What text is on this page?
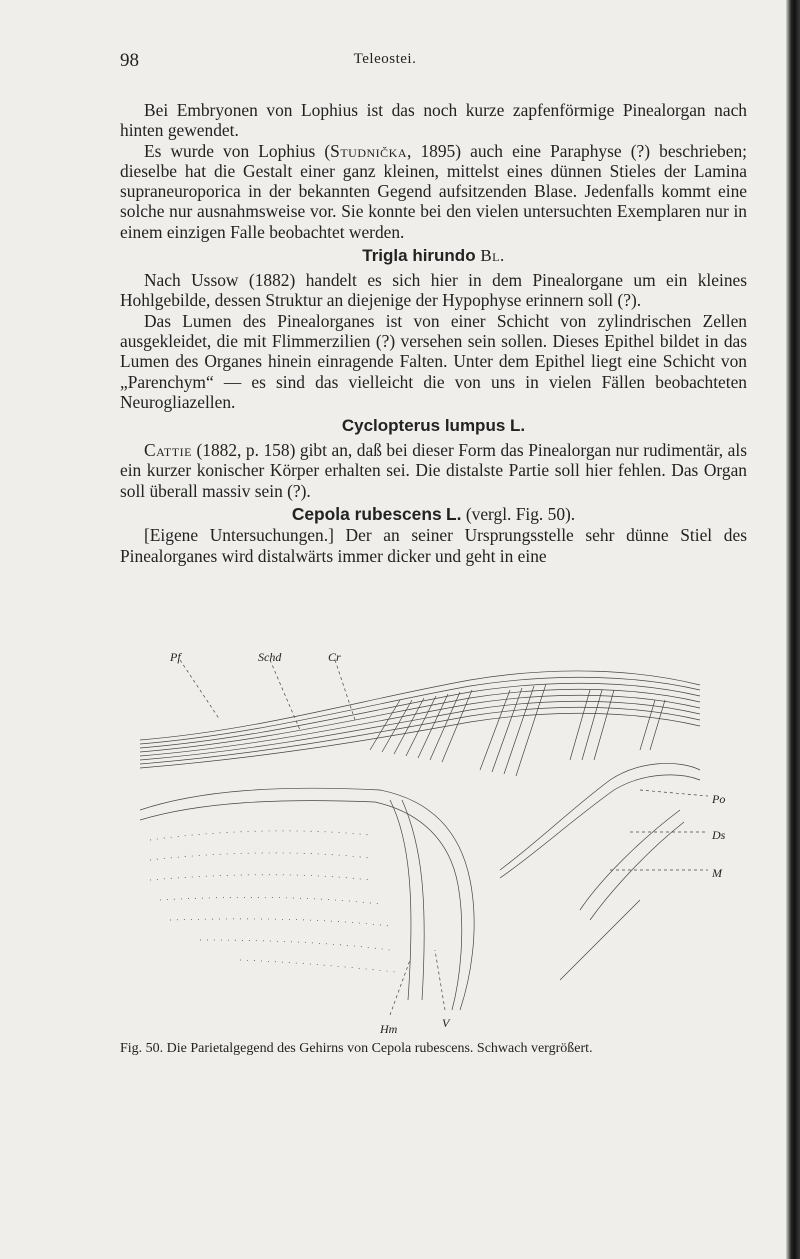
98	Teleostei.

Bei Embryonen von Lophius ist das noch kurze zapfenförmige Pinealorgan nach hinten gewendet.

Es wurde von Lophius (Studnička, 1895) auch eine Paraphyse (?) beschrieben; dieselbe hat die Gestalt einer ganz kleinen, mittelst eines dünnen Stieles der Lamina supraneuroporica in der bekannten Gegend aufsitzenden Blase. Jedenfalls kommt eine solche nur ausnahmsweise vor. Sie konnte bei den vielen untersuchten Exemplaren nur in einem einzigen Falle beobachtet werden.

Trigla hirundo Bl.

Nach Ussow (1882) handelt es sich hier in dem Pinealorgane um ein kleines Hohlgebilde, dessen Struktur an diejenige der Hypophyse erinnern soll (?).

Das Lumen des Pinealorganes ist von einer Schicht von zylindrischen Zellen ausgekleidet, die mit Flimmerzilien (?) versehen sein sollen. Dieses Epithel bildet in das Lumen des Organes hinein einragende Falten. Unter dem Epithel liegt eine Schicht von „Parenchym“ — es sind das vielleicht die von uns in vielen Fällen beobachteten Neurogliazellen.

Cyclopterus lumpus L.

Cattie (1882, p. 158) gibt an, daß bei dieser Form das Pinealorgan nur rudimentär, als ein kurzer konischer Körper erhalten sei. Die distalste Partie soll hier fehlen. Das Organ soll überall massiv sein (?).

Cepola rubescens L. (vergl. Fig. 50).

[Eigene Untersuchungen.] Der an seiner Ursprungsstelle sehr dünne Stiel des Pinealorganes wird distalwärts immer dicker und geht in eine

Pf	Schd	Cr
Po
Ds
M
Hm	V
Fig. 50. Die Parietalgegend des Gehirns von Cepola rubescens. Schwach vergrößert.
